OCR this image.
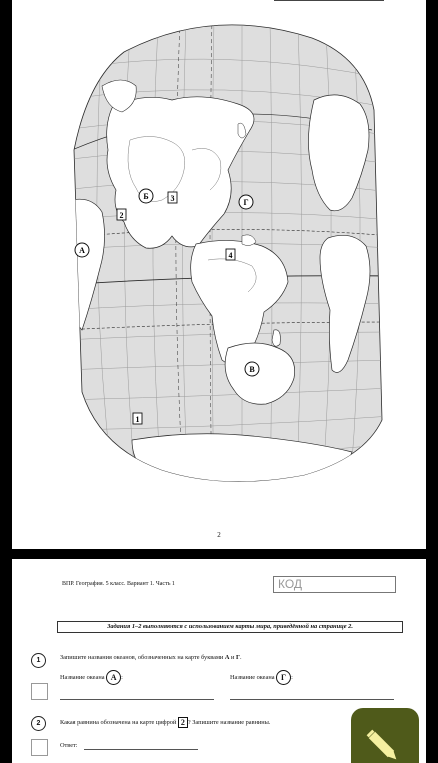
А
Б
В
Г
1
2
3
4
2
ВПР. География. 5 класс. Вариант 1. Часть 1	КОД
Задания 1–2 выполняются с использованием карты мира, приведённой на странице 2.
1	Запишите названия океанов, обозначенных на карте буквами А и Г.
Название океана А :	Название океана Г :
2	Какая равнина обозначена на карте цифрой 2 ? Запишите название равнины.
Ответ:
